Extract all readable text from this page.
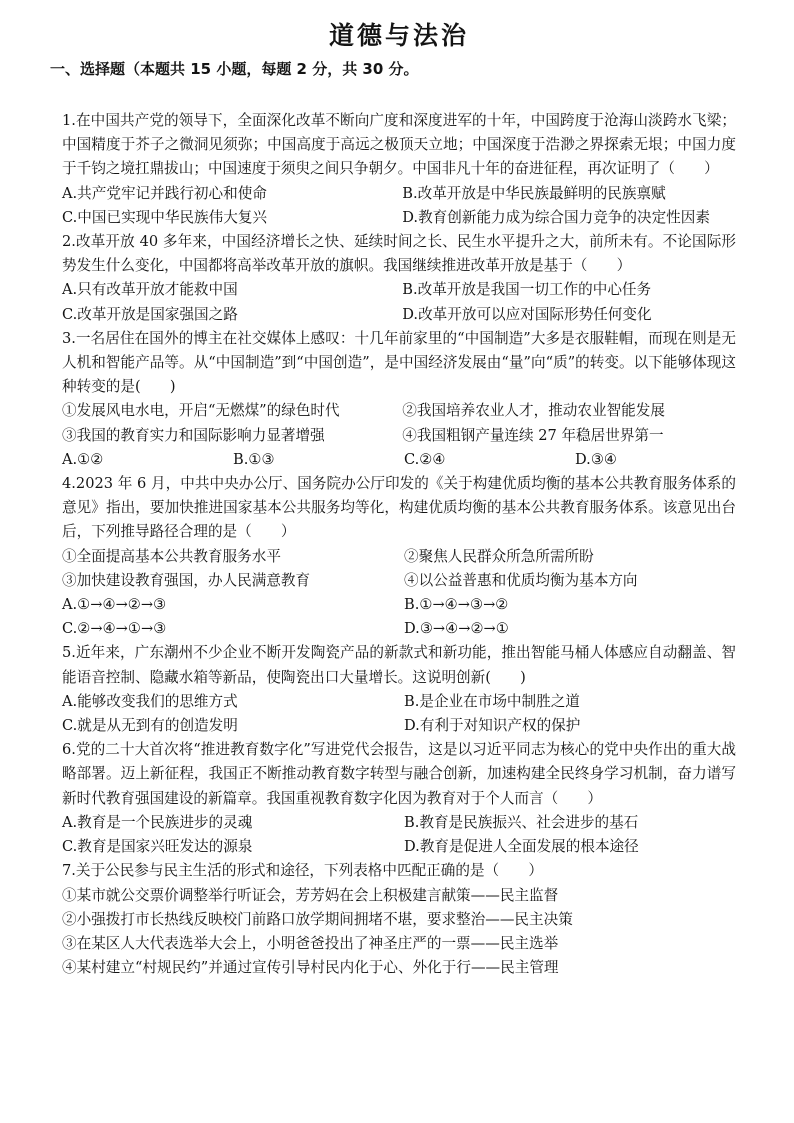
道德与法治
一、选择题（本题共 15 小题，每题 2 分，共 30 分。

1.在中国共产党的领导下，全面深化改革不断向广度和深度进军的十年，中国跨度于沧海山淡跨水飞梁；中国精度于芥子之微洞见须弥；中国高度于高远之极顶天立地；中国深度于浩渺之界探索无垠；中国力度于千钧之境扛鼎拔山；中国速度于须臾之间只争朝夕。中国非凡十年的奋进征程，再次证明了（　　）

A.共产党牢记并践行初心和使命	B.改革开放是中华民族最鲜明的民族禀赋
C.中国已实现中华民族伟大复兴	D.教育创新能力成为综合国力竞争的决定性因素

2.改革开放 40 多年来，中国经济增长之快、延续时间之长、民生水平提升之大，前所未有。不论国际形势发生什么变化，中国都将高举改革开放的旗帜。我国继续推进改革开放是基于（　　）

A.只有改革开放才能救中国	B.改革开放是我国一切工作的中心任务
C.改革开放是国家强国之路	D.改革开放可以应对国际形势任何变化

3.一名居住在国外的博主在社交媒体上感叹：十几年前家里的“中国制造”大多是衣服鞋帽，而现在则是无人机和智能产品等。从“中国制造”到“中国创造”，是中国经济发展由“量”向“质”的转变。以下能够体现这种转变的是(　　)

①发展风电水电，开启“无燃煤”的绿色时代	②我国培养农业人才，推动农业智能发展
③我国的教育实力和国际影响力显著增强	④我国粗钢产量连续 27 年稳居世界第一
A.①②	B.①③	C.②④	D.③④

4.2023 年 6 月，中共中央办公厅、国务院办公厅印发的《关于构建优质均衡的基本公共教育服务体系的意见》指出，要加快推进国家基本公共服务均等化，构建优质均衡的基本公共教育服务体系。该意见出台后，下列推导路径合理的是（　　）

①全面提高基本公共教育服务水平	②聚焦人民群众所急所需所盼
③加快建设教育强国，办人民满意教育	④以公益普惠和优质均衡为基本方向
A.①→④→②→③	B.①→④→③→②
C.②→④→①→③	D.③→④→②→①

5.近年来，广东潮州不少企业不断开发陶瓷产品的新款式和新功能，推出智能马桶人体感应自动翻盖、智能语音控制、隐藏水箱等新品，使陶瓷出口大量增长。这说明创新(　　)

A.能够改变我们的思维方式	B.是企业在市场中制胜之道
C.就是从无到有的创造发明	D.有利于对知识产权的保护

6.党的二十大首次将“推进教育数字化”写进党代会报告，这是以习近平同志为核心的党中央作出的重大战略部署。迈上新征程，我国正不断推动教育数字转型与融合创新，加速构建全民终身学习机制，奋力谱写新时代教育强国建设的新篇章。我国重视教育数字化因为教育对于个人而言（　　）

A.教育是一个民族进步的灵魂	B.教育是民族振兴、社会进步的基石
C.教育是国家兴旺发达的源泉	D.教育是促进人全面发展的根本途径

7.关于公民参与民主生活的形式和途径，下列表格中匹配正确的是（　　）

①某市就公交票价调整举行听证会，芳芳妈在会上积极建言献策——民主监督
②小强拨打市长热线反映校门前路口放学期间拥堵不堪，要求整治——民主决策
③在某区人大代表选举大会上，小明爸爸投出了神圣庄严的一票——民主选举
④某村建立“村规民约”并通过宣传引导村民内化于心、外化于行——民主管理
